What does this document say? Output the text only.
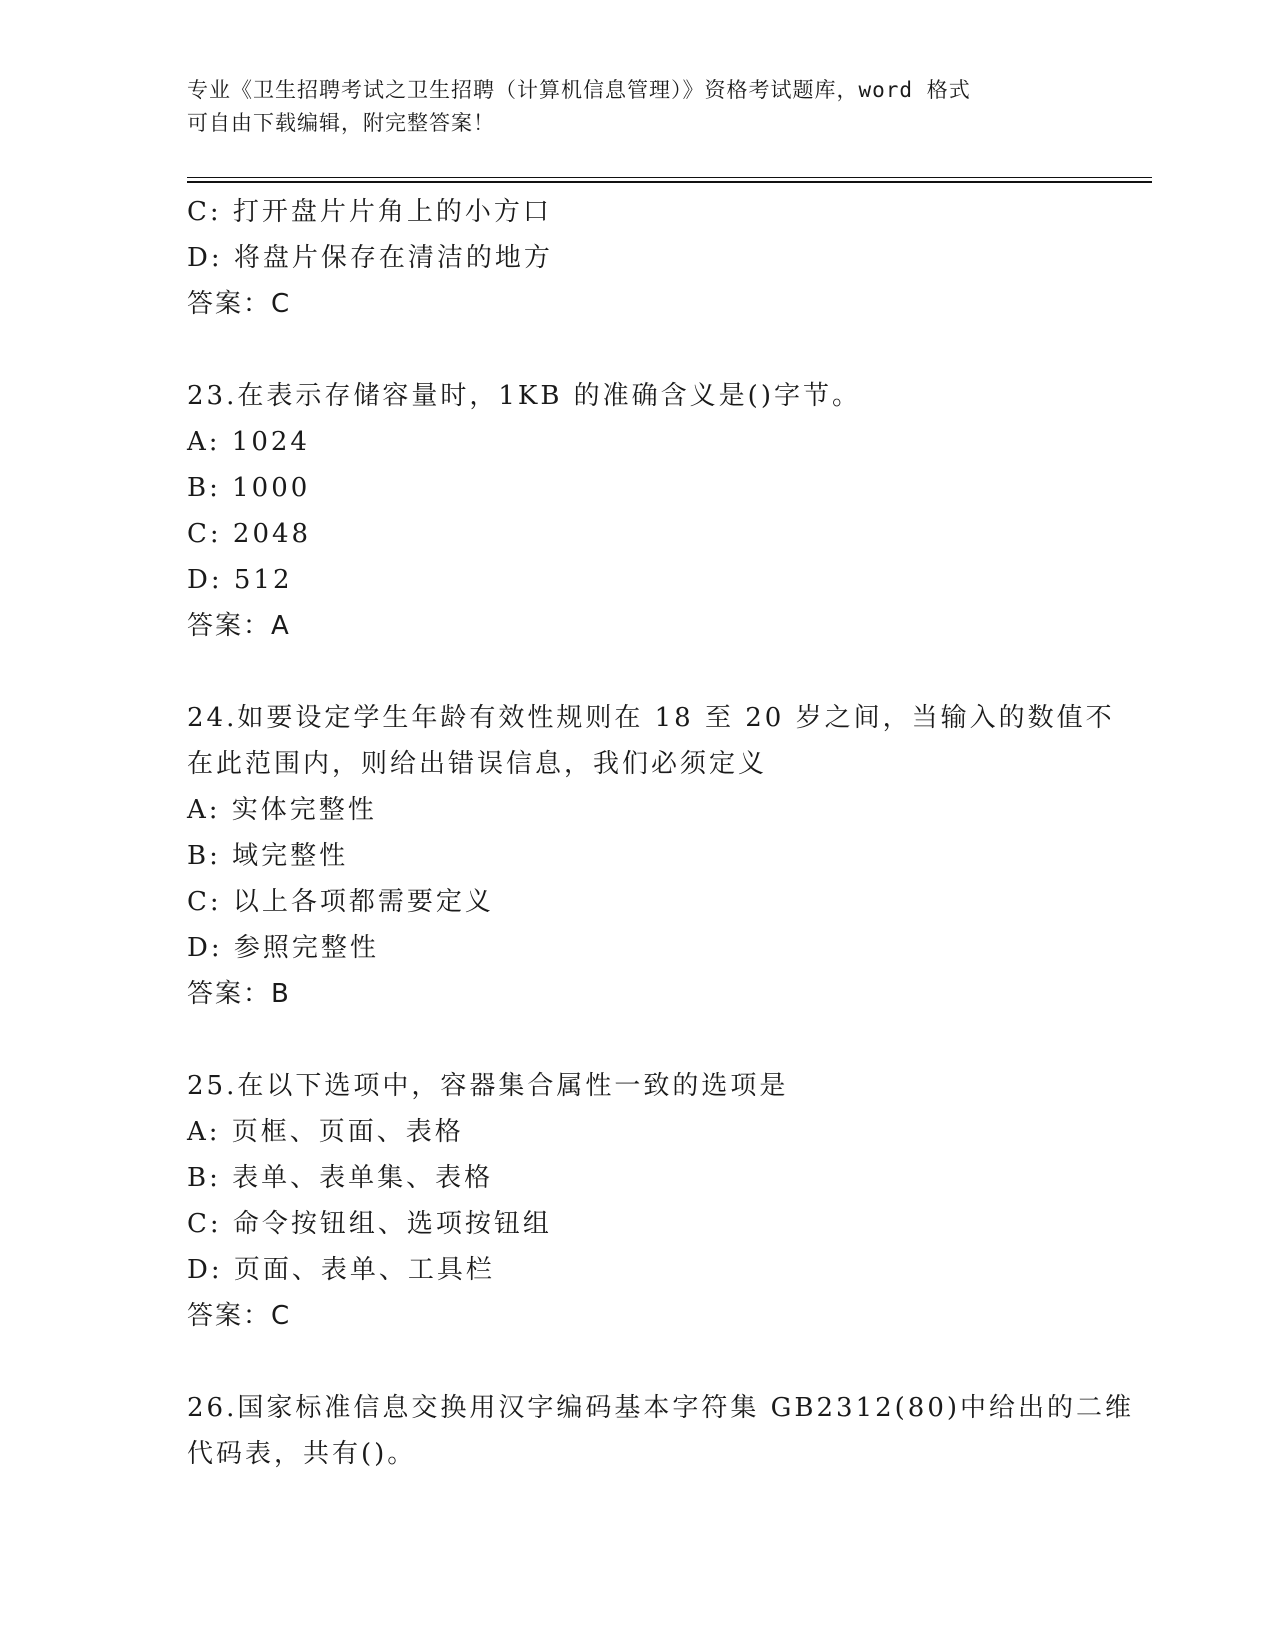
专业《卫生招聘考试之卫生招聘（计算机信息管理）》资格考试题库，word 格式
可自由下载编辑，附完整答案！
C: 打开盘片片角上的小方口
D: 将盘片保存在清洁的地方
答案：C
23.在表示存储容量时，1KB 的准确含义是()字节。
A: 1024
B: 1000
C: 2048
D: 512
答案：A
24.如要设定学生年龄有效性规则在 18 至 20 岁之间，当输入的数值不
在此范围内，则给出错误信息，我们必须定义
A: 实体完整性
B: 域完整性
C: 以上各项都需要定义
D: 参照完整性
答案：B
25.在以下选项中，容器集合属性一致的选项是
A: 页框、页面、表格
B: 表单、表单集、表格
C: 命令按钮组、选项按钮组
D: 页面、表单、工具栏
答案：C
26.国家标准信息交换用汉字编码基本字符集 GB2312(80)中给出的二维
代码表，共有()。
